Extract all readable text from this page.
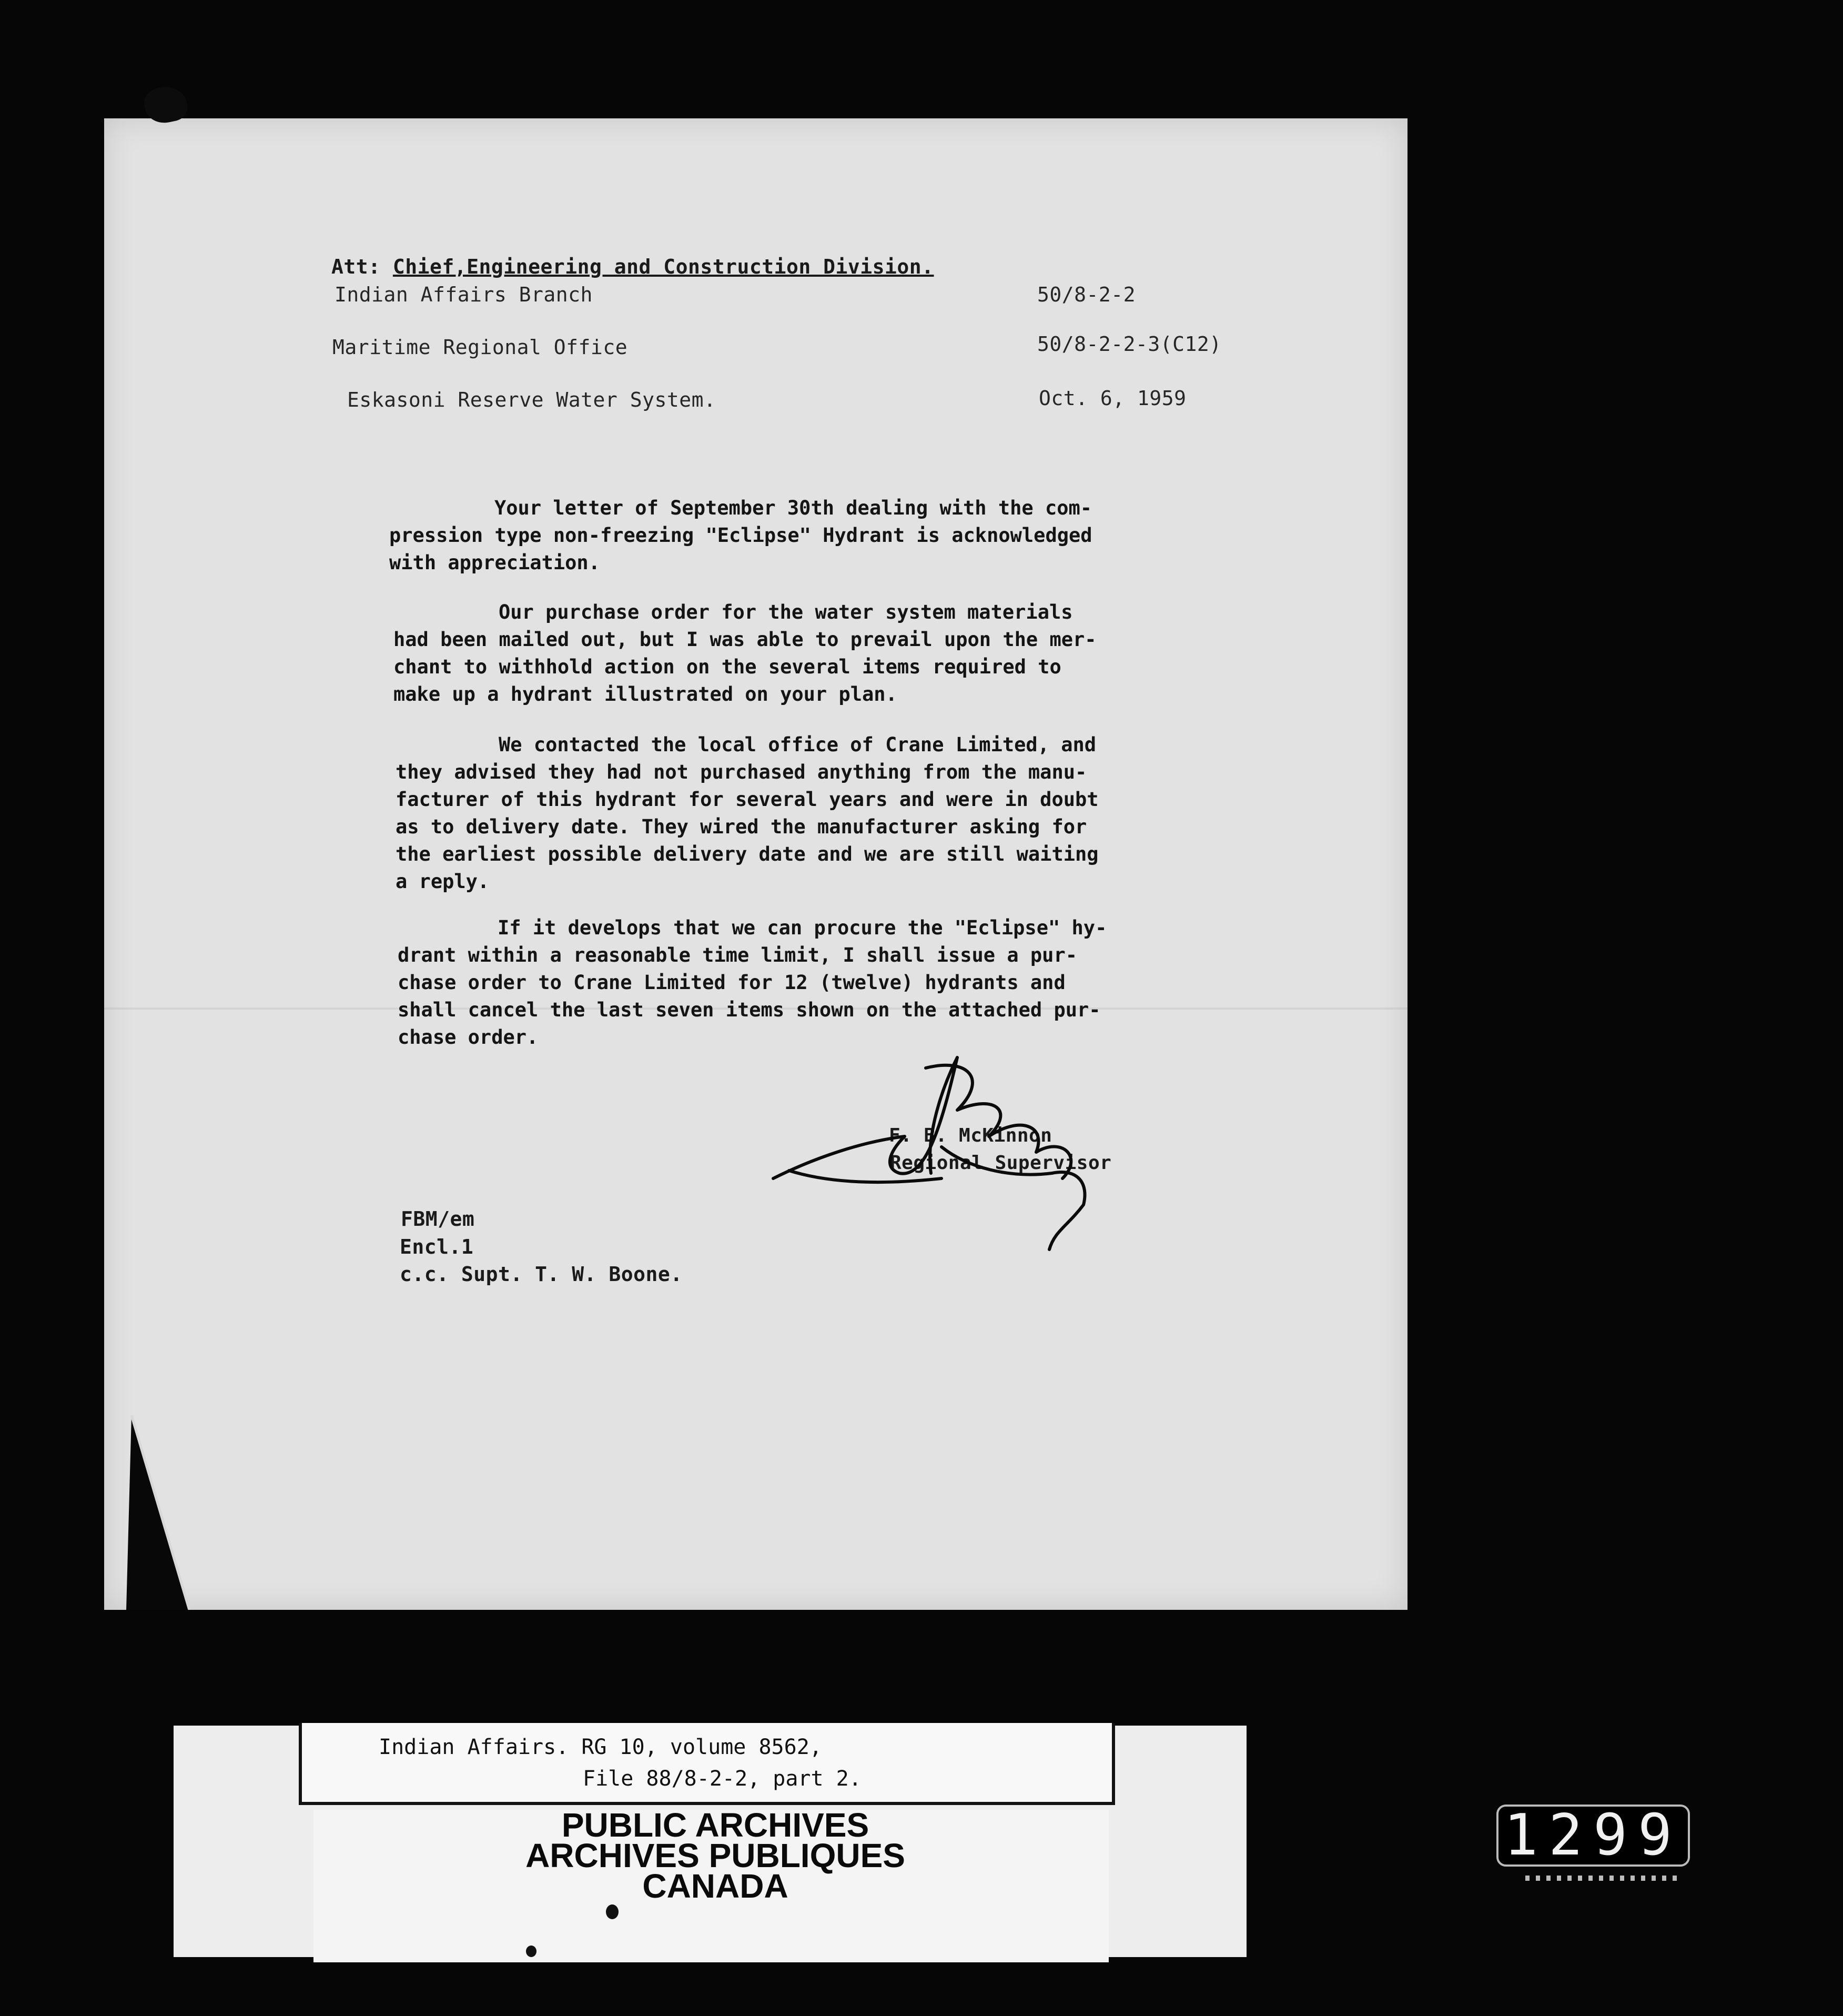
Att: Chief,Engineering and Construction Division.
Indian Affairs Branch
Maritime Regional Office
Eskasoni Reserve Water System.
50/8-2-2
50/8-2-2-3(C12)
Oct. 6, 1959
Your letter of September 30th dealing with the com-
pression type non-freezing "Eclipse" Hydrant is acknowledged
with appreciation.
Our purchase order for the water system materials
had been mailed out, but I was able to prevail upon the mer-
chant to withhold action on the several items required to
make up a hydrant illustrated on your plan.
We contacted the local office of Crane Limited, and
they advised they had not purchased anything from the manu-
facturer of this hydrant for several years and were in doubt
as to delivery date. They wired the manufacturer asking for
the earliest possible delivery date and we are still waiting
a reply.
If it develops that we can procure the "Eclipse" hy-
drant within a reasonable time limit, I shall issue a pur-
chase order to Crane Limited for 12 (twelve) hydrants and
shall cancel the last seven items shown on the attached pur-
chase order.
F. B. McKinnon
Regional Supervisor
FBM/em
Encl.1
c.c. Supt. T. W. Boone.
Indian Affairs. RG 10, volume 8562,
File 88/8-2-2, part 2.
PUBLIC ARCHIVES
ARCHIVES PUBLIQUES
CANADA
1299
